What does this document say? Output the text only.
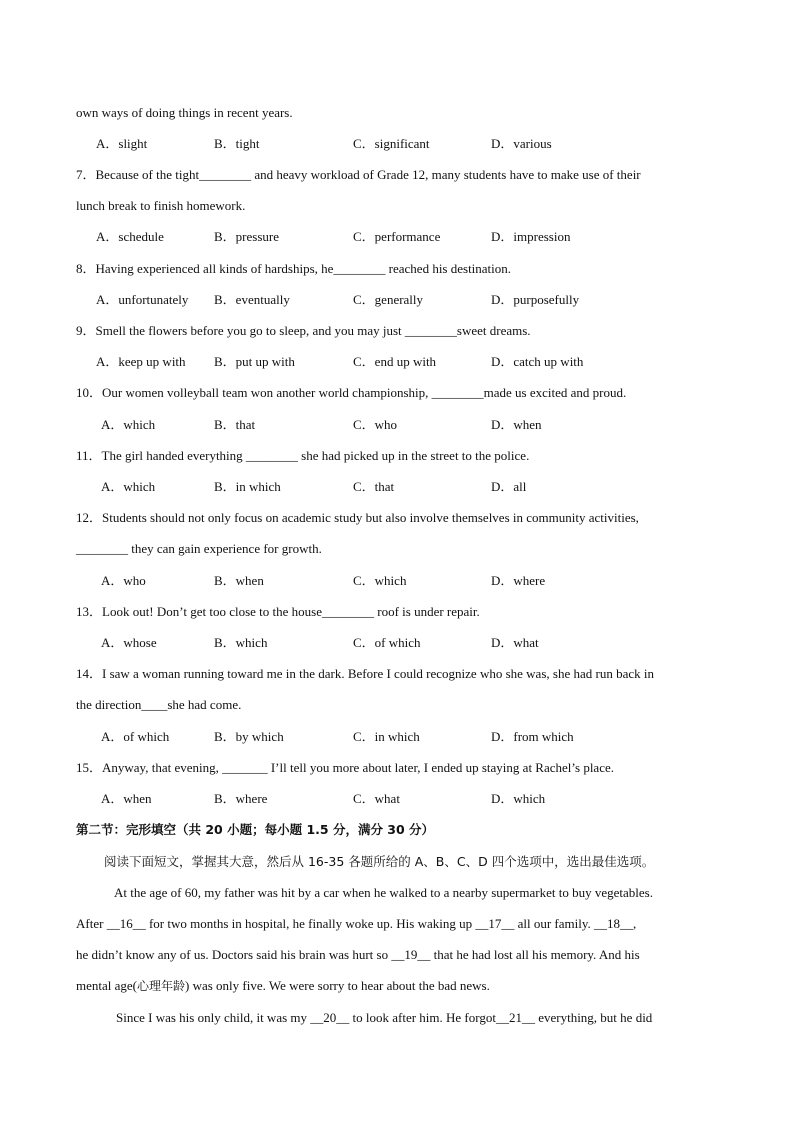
own ways of doing things in recent years.
A．slight	B．tight	C．significant	D．various
7．Because of the tight________ and heavy workload of Grade 12, many students have to make use of their
lunch break to finish homework.
A．schedule	B．pressure	C．performance	D．impression
8．Having experienced all kinds of hardships, he________ reached his destination.
A．unfortunately B．eventually	C．generally	D．purposefully
9．Smell the flowers before you go to sleep, and you may just ________sweet dreams.
A．keep up with B．put up with	C．end up with	D．catch up with
10．Our women volleyball team won another world championship, ________made us excited and proud.
A．which	B．that	C．who	D．when
11．The girl handed everything ________ she had picked up in the street to the police.
A．which	B．in which	C．that	D．all
12．Students should not only focus on academic study but also involve themselves in community activities,
________ they can gain experience for growth.
A．who	B．when	C．which	D．where
13．Look out! Don’t get too close to the house________ roof is under repair.
A．whose	B．which	C．of which	D．what
14．I saw a woman running toward me in the dark. Before I could recognize who she was, she had run back in
the direction____she had come.
A．of which	B．by which	C．in which	D．from which
15．Anyway, that evening, _______ I’ll tell you more about later, I ended up staying at Rachel’s place.
A．when	B．where	C．what	D．which
第二节：完形填空（共 20 小题；每小题 1.5 分，满分 30 分）
阅读下面短文，掌握其大意，然后从 16-35 各题所给的 A、B、C、D 四个选项中，选出最佳选项。
At the age of 60, my father was hit by a car when he walked to a nearby supermarket to buy vegetables.
After __16__ for two months in hospital, he finally woke up. His waking up __17__ all our family. __18__,
he didn’t know any of us. Doctors said his brain was hurt so __19__ that he had lost all his memory. And his
mental age(心理年龄) was only five. We were sorry to hear about the bad news.
Since I was his only child, it was my __20__ to look after him. He forgot__21__ everything, but he did
